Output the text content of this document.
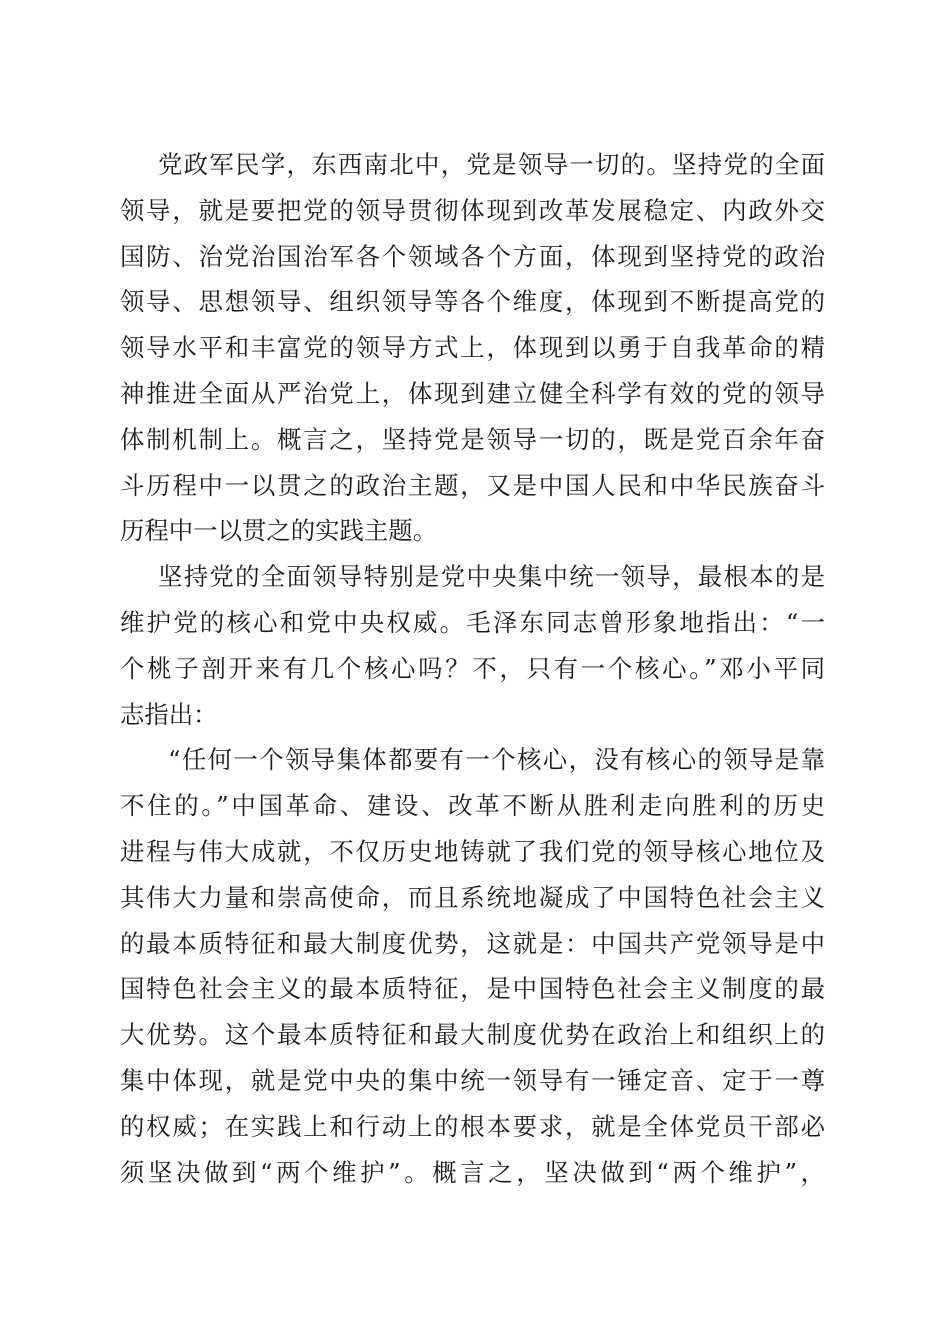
党政军民学，东西南北中，党是领导一切的。坚持党的全面
领导，就是要把党的领导贯彻体现到改革发展稳定、内政外交
国防、治党治国治军各个领域各个方面，体现到坚持党的政治
领导、思想领导、组织领导等各个维度，体现到不断提高党的
领导水平和丰富党的领导方式上，体现到以勇于自我革命的精
神推进全面从严治党上，体现到建立健全科学有效的党的领导
体制机制上。概言之，坚持党是领导一切的，既是党百余年奋
斗历程中一以贯之的政治主题，又是中国人民和中华民族奋斗
历程中一以贯之的实践主题。
坚持党的全面领导特别是党中央集中统一领导，最根本的是
维护党的核心和党中央权威。毛泽东同志曾形象地指出：“一
个桃子剖开来有几个核心吗？不，只有一个核心。”邓小平同
志指出：
“任何一个领导集体都要有一个核心，没有核心的领导是靠
不住的。”中国革命、建设、改革不断从胜利走向胜利的历史
进程与伟大成就，不仅历史地铸就了我们党的领导核心地位及
其伟大力量和崇高使命，而且系统地凝成了中国特色社会主义
的最本质特征和最大制度优势，这就是：中国共产党领导是中
国特色社会主义的最本质特征，是中国特色社会主义制度的最
大优势。这个最本质特征和最大制度优势在政治上和组织上的
集中体现，就是党中央的集中统一领导有一锤定音、定于一尊
的权威；在实践上和行动上的根本要求，就是全体党员干部必
须坚决做到“两个维护”。概言之，坚决做到“两个维护”，
